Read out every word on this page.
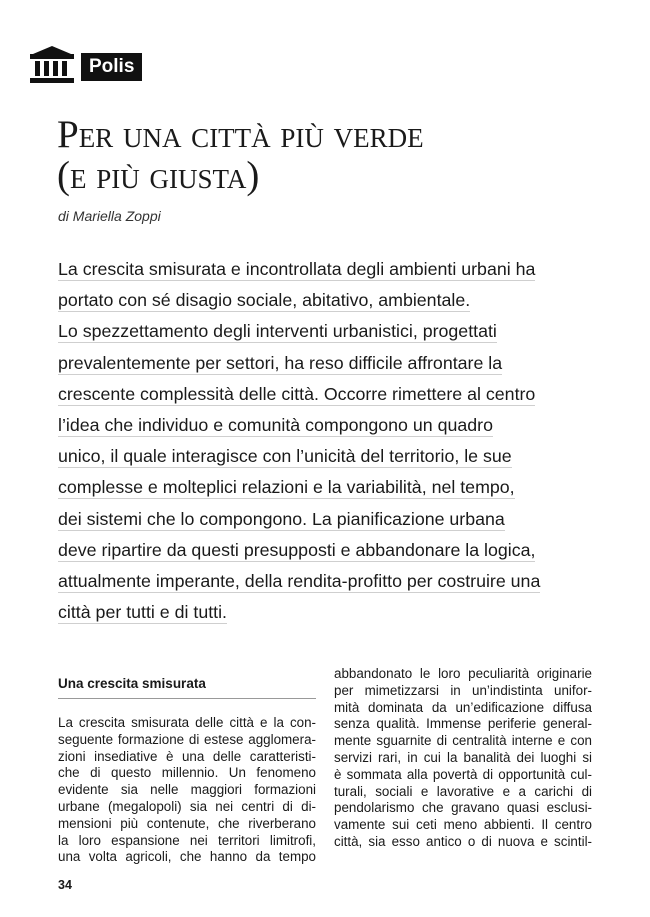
Polis
Per una città più verde
(e più giusta)
di Mariella Zoppi
La crescita smisurata e incontrollata degli ambienti urbani ha
portato con sé disagio sociale, abitativo, ambientale.
Lo spezzettamento degli interventi urbanistici, progettati
prevalentemente per settori, ha reso difficile affrontare la
crescente complessità delle città. Occorre rimettere al centro
l’idea che individuo e comunità compongono un quadro
unico, il quale interagisce con l’unicità del territorio, le sue
complesse e molteplici relazioni e la variabilità, nel tempo,
dei sistemi che lo compongono. La pianificazione urbana
deve ripartire da questi presupposti e abbandonare la logica,
attualmente imperante, della rendita-profitto per costruire una
città per tutti e di tutti.
Una crescita smisurata
La crescita smisurata delle città e la con-
seguente formazione di estese agglomera-
zioni insediative è una delle caratteristi-
che di questo millennio. Un fenomeno
evidente sia nelle maggiori formazioni
urbane (megalopoli) sia nei centri di di-
mensioni più contenute, che riverberano
la loro espansione nei territori limitrofi,
una volta agricoli, che hanno da tempo
abbandonato le loro peculiarità originarie
per mimetizzarsi in un’indistinta unifor-
mità dominata da un’edificazione diffusa
senza qualità. Immense periferie general-
mente sguarnite di centralità interne e con
servizi rari, in cui la banalità dei luoghi si
è sommata alla povertà di opportunità cul-
turali, sociali e lavorative e a carichi di
pendolarismo che gravano quasi esclusi-
vamente sui ceti meno abbienti. Il centro
città, sia esso antico o di nuova e scintil-
34
